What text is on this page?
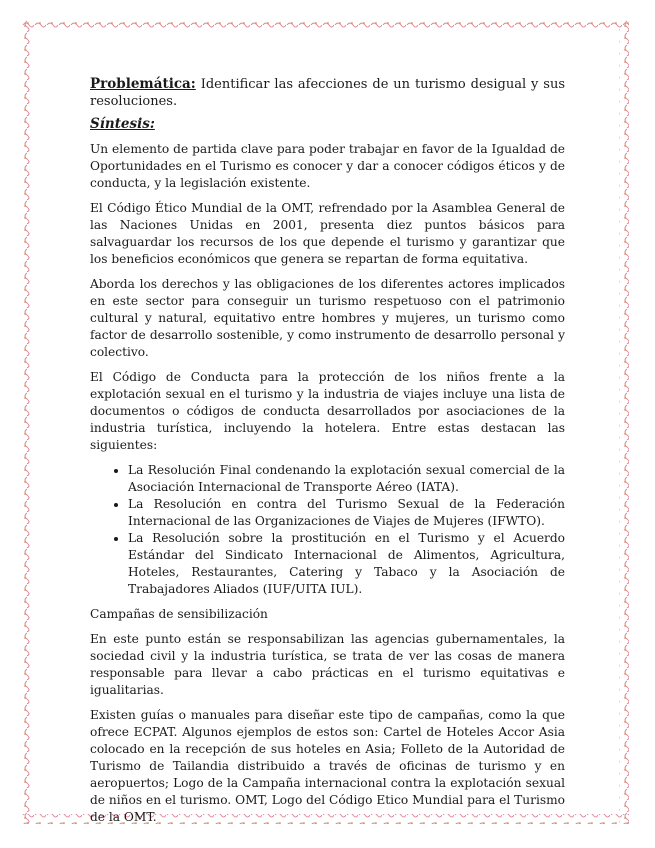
Problemática: Identificar las afecciones de un turismo desigual y sus resoluciones.

Síntesis:

Un elemento de partida clave para poder trabajar en favor de la Igualdad de Oportunidades en el Turismo es conocer y dar a conocer códigos éticos y de conducta, y la legislación existente.

El Código Ético Mundial de la OMT, refrendado por la Asamblea General de las Naciones Unidas en 2001, presenta diez puntos básicos para salvaguardar los recursos de los que depende el turismo y garantizar que los beneficios económicos que genera se repartan de forma equitativa.

Aborda los derechos y las obligaciones de los diferentes actores implicados en este sector para conseguir un turismo respetuoso con el patrimonio cultural y natural, equitativo entre hombres y mujeres, un turismo como factor de desarrollo sostenible, y como instrumento de desarrollo personal y colectivo.

El Código de Conducta para la protección de los niños frente a la explotación sexual en el turismo y la industria de viajes incluye una lista de documentos o códigos de conducta desarrollados por asociaciones de la industria turística, incluyendo la hotelera. Entre estas destacan las siguientes:

• La Resolución Final condenando la explotación sexual comercial de la Asociación Internacional de Transporte Aéreo (IATA).
• La Resolución en contra del Turismo Sexual de la Federación Internacional de las Organizaciones de Viajes de Mujeres (IFWTO).
• La Resolución sobre la prostitución en el Turismo y el Acuerdo Estándar del Sindicato Internacional de Alimentos, Agricultura, Hoteles, Restaurantes, Catering y Tabaco y la Asociación de Trabajadores Aliados (IUF/UITA IUL).

Campañas de sensibilización

En este punto están se responsabilizan las agencias gubernamentales, la sociedad civil y la industria turística, se trata de ver las cosas de manera responsable para llevar a cabo prácticas en el turismo equitativas e igualitarias.

Existen guías o manuales para diseñar este tipo de campañas, como la que ofrece ECPAT. Algunos ejemplos de estos son: Cartel de Hoteles Accor Asia colocado en la recepción de sus hoteles en Asia; Folleto de la Autoridad de Turismo de Tailandia distribuido a través de oficinas de turismo y en aeropuertos; Logo de la Campaña internacional contra la explotación sexual de niños en el turismo. OMT, Logo del Código Etico Mundial para el Turismo de la OMT.
